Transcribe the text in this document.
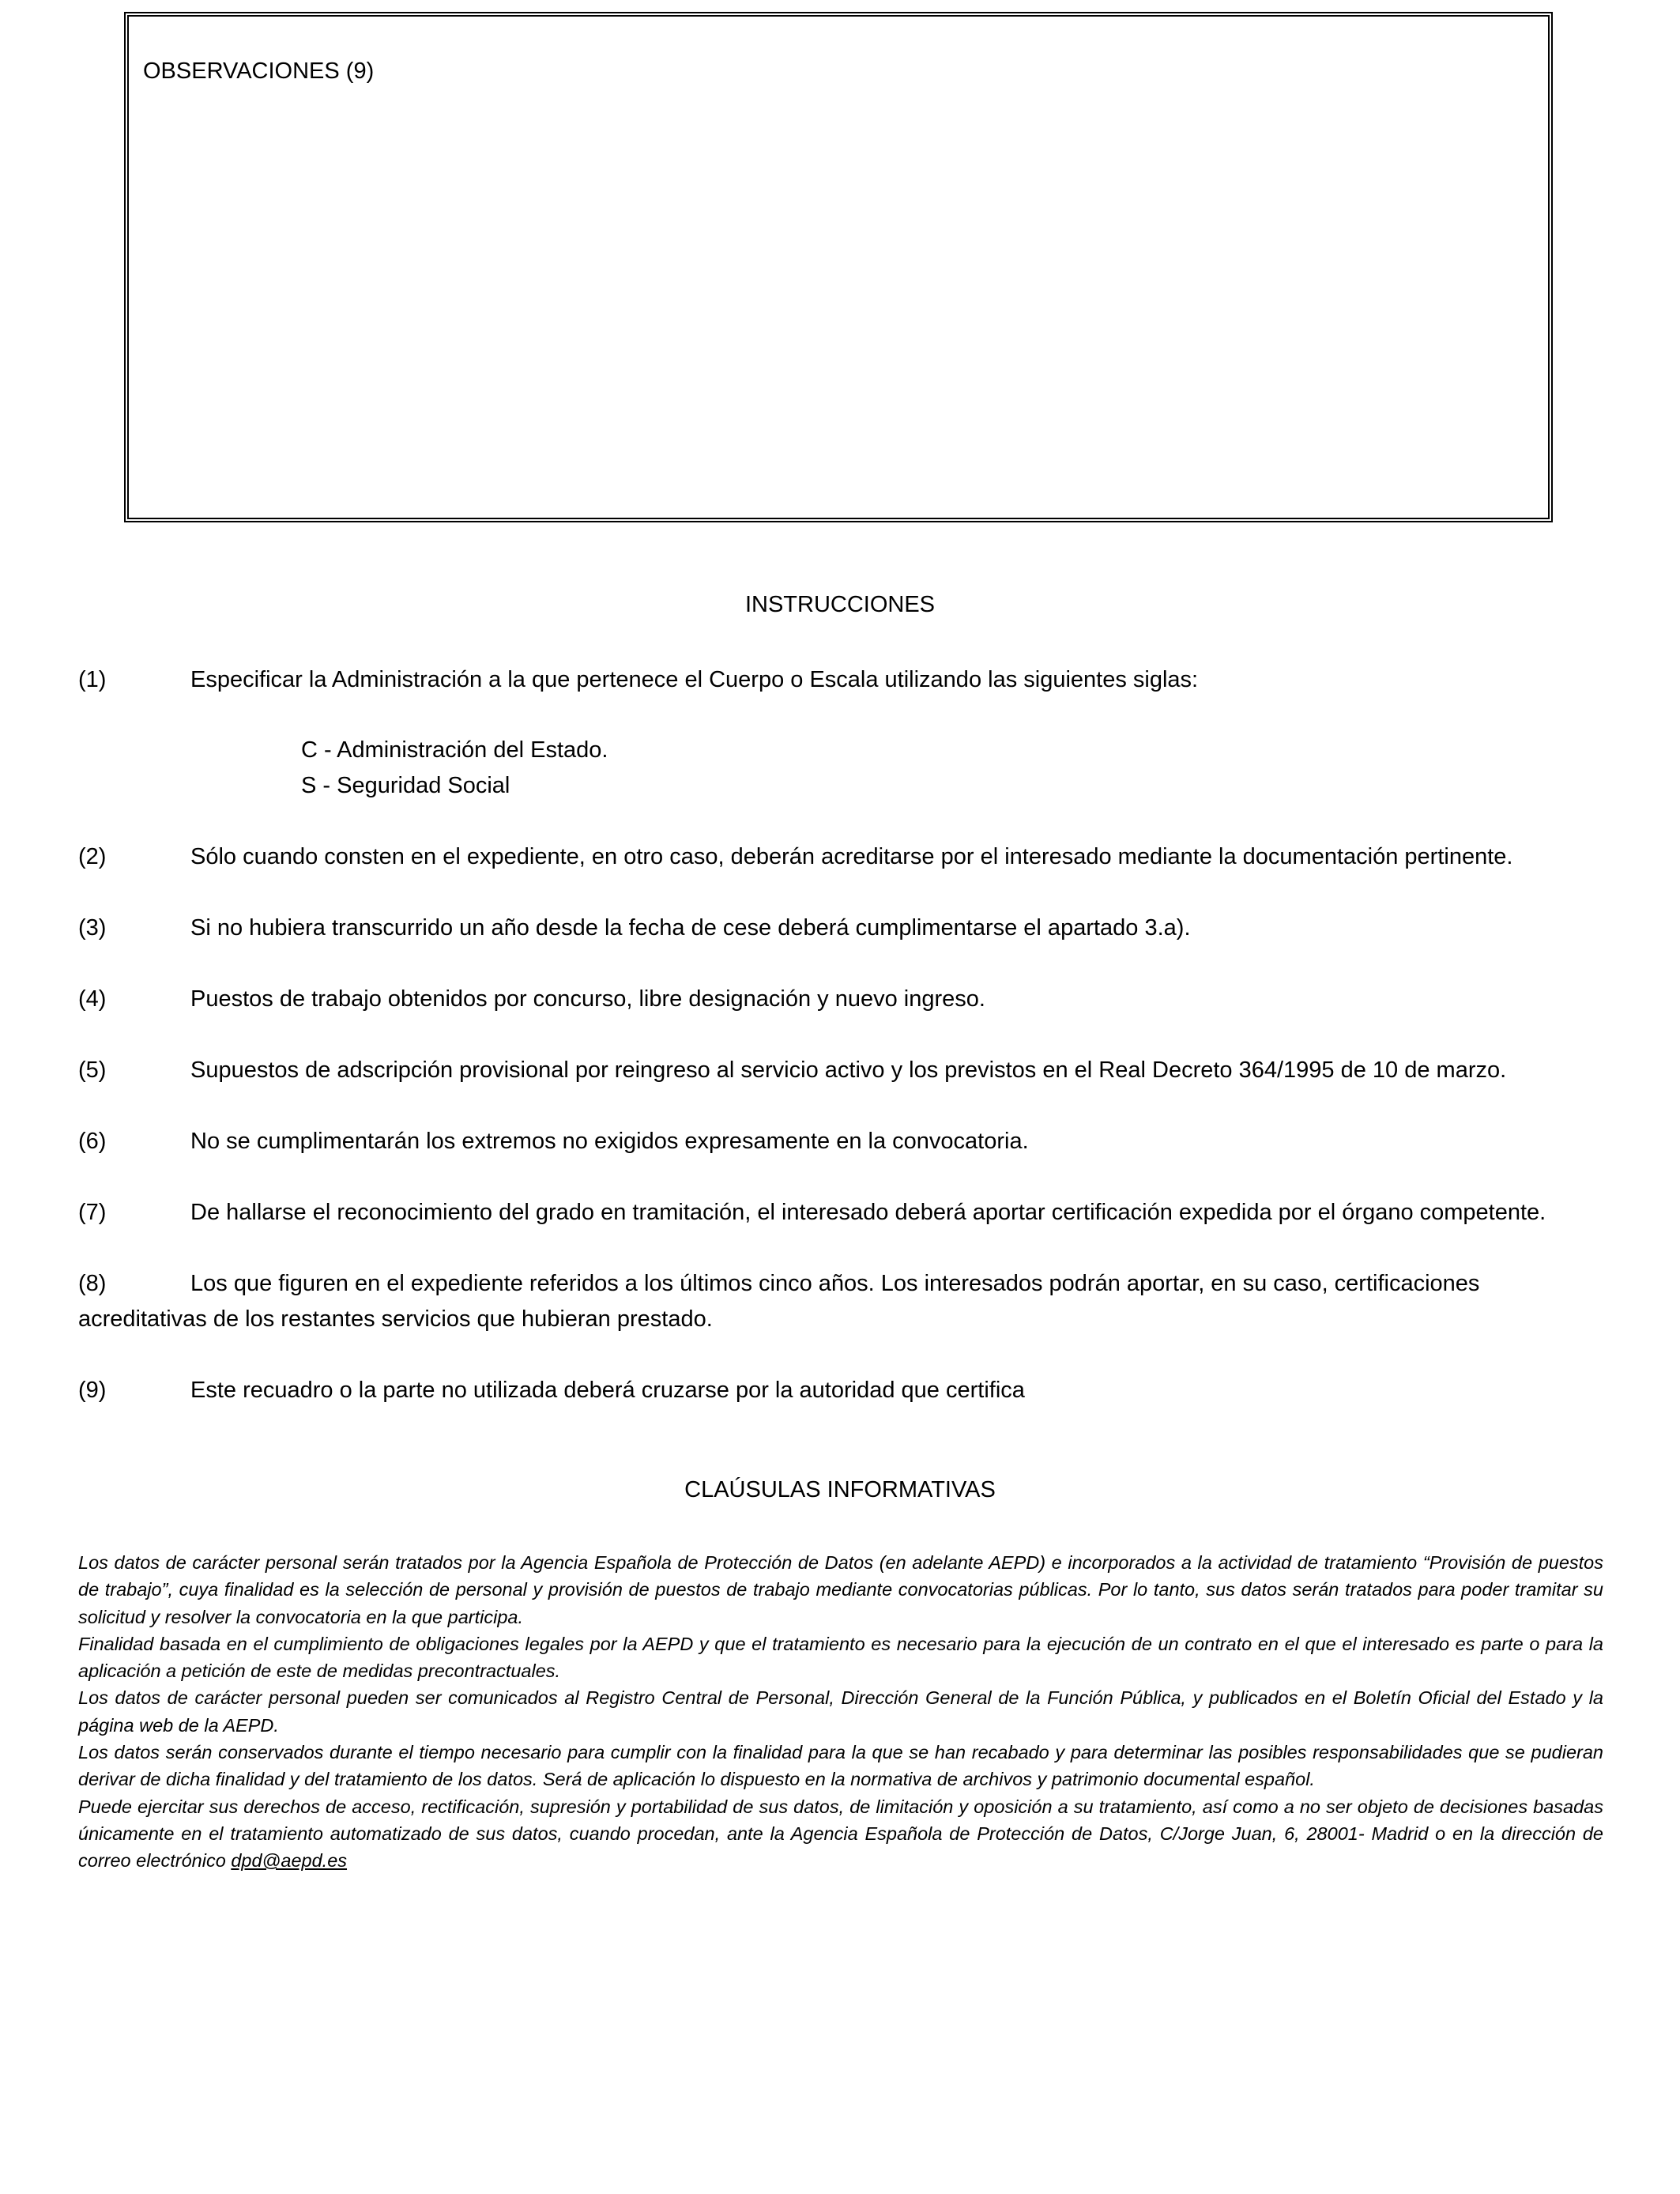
OBSERVACIONES (9)
INSTRUCCIONES
(1)	Especificar la Administración a la que pertenece el Cuerpo o Escala utilizando las siguientes siglas:
C - Administración del Estado.
S - Seguridad Social
(2)	Sólo cuando consten en el expediente, en otro caso, deberán acreditarse por el interesado mediante la documentación pertinente.
(3)	Si no hubiera transcurrido un año desde la fecha de cese deberá cumplimentarse el apartado 3.a).
(4)	Puestos de trabajo obtenidos por concurso, libre designación y nuevo ingreso.
(5)	Supuestos de adscripción provisional por reingreso al servicio activo y los previstos en el Real Decreto 364/1995 de 10 de marzo.
(6)	No se cumplimentarán los extremos no exigidos expresamente en la convocatoria.
(7)	De hallarse el reconocimiento del grado en tramitación, el interesado deberá aportar certificación expedida por el órgano competente.
(8)	Los que figuren en el expediente referidos a los últimos cinco años. Los interesados podrán aportar, en su caso, certificaciones acreditativas de los restantes servicios que hubieran prestado.
(9)	Este recuadro o la parte no utilizada deberá cruzarse por la autoridad que certifica
CLAÚSULAS INFORMATIVAS

Los datos de carácter personal serán tratados por la Agencia Española de Protección de Datos (en adelante AEPD) e incorporados a la actividad de tratamiento “Provisión de puestos de trabajo”, cuya finalidad es la selección de personal y provisión de puestos de trabajo mediante convocatorias públicas. Por lo tanto, sus datos serán tratados para poder tramitar su solicitud y resolver la convocatoria en la que participa.

Finalidad basada en el cumplimiento de obligaciones legales por la AEPD y que el tratamiento es necesario para la ejecución de un contrato en el que el interesado es parte o para la aplicación a petición de este de medidas precontractuales.

Los datos de carácter personal pueden ser comunicados al Registro Central de Personal, Dirección General de la Función Pública, y publicados en el Boletín Oficial del Estado y la página web de la AEPD.

Los datos serán conservados durante el tiempo necesario para cumplir con la finalidad para la que se han recabado y para determinar las posibles responsabilidades que se pudieran derivar de dicha finalidad y del tratamiento de los datos. Será de aplicación lo dispuesto en la normativa de archivos y patrimonio documental español.

Puede ejercitar sus derechos de acceso, rectificación, supresión y portabilidad de sus datos, de limitación y oposición a su tratamiento, así como a no ser objeto de decisiones basadas únicamente en el tratamiento automatizado de sus datos, cuando procedan, ante la Agencia Española de Protección de Datos, C/Jorge Juan, 6, 28001- Madrid o en la dirección de correo electrónico dpd@aepd.es
